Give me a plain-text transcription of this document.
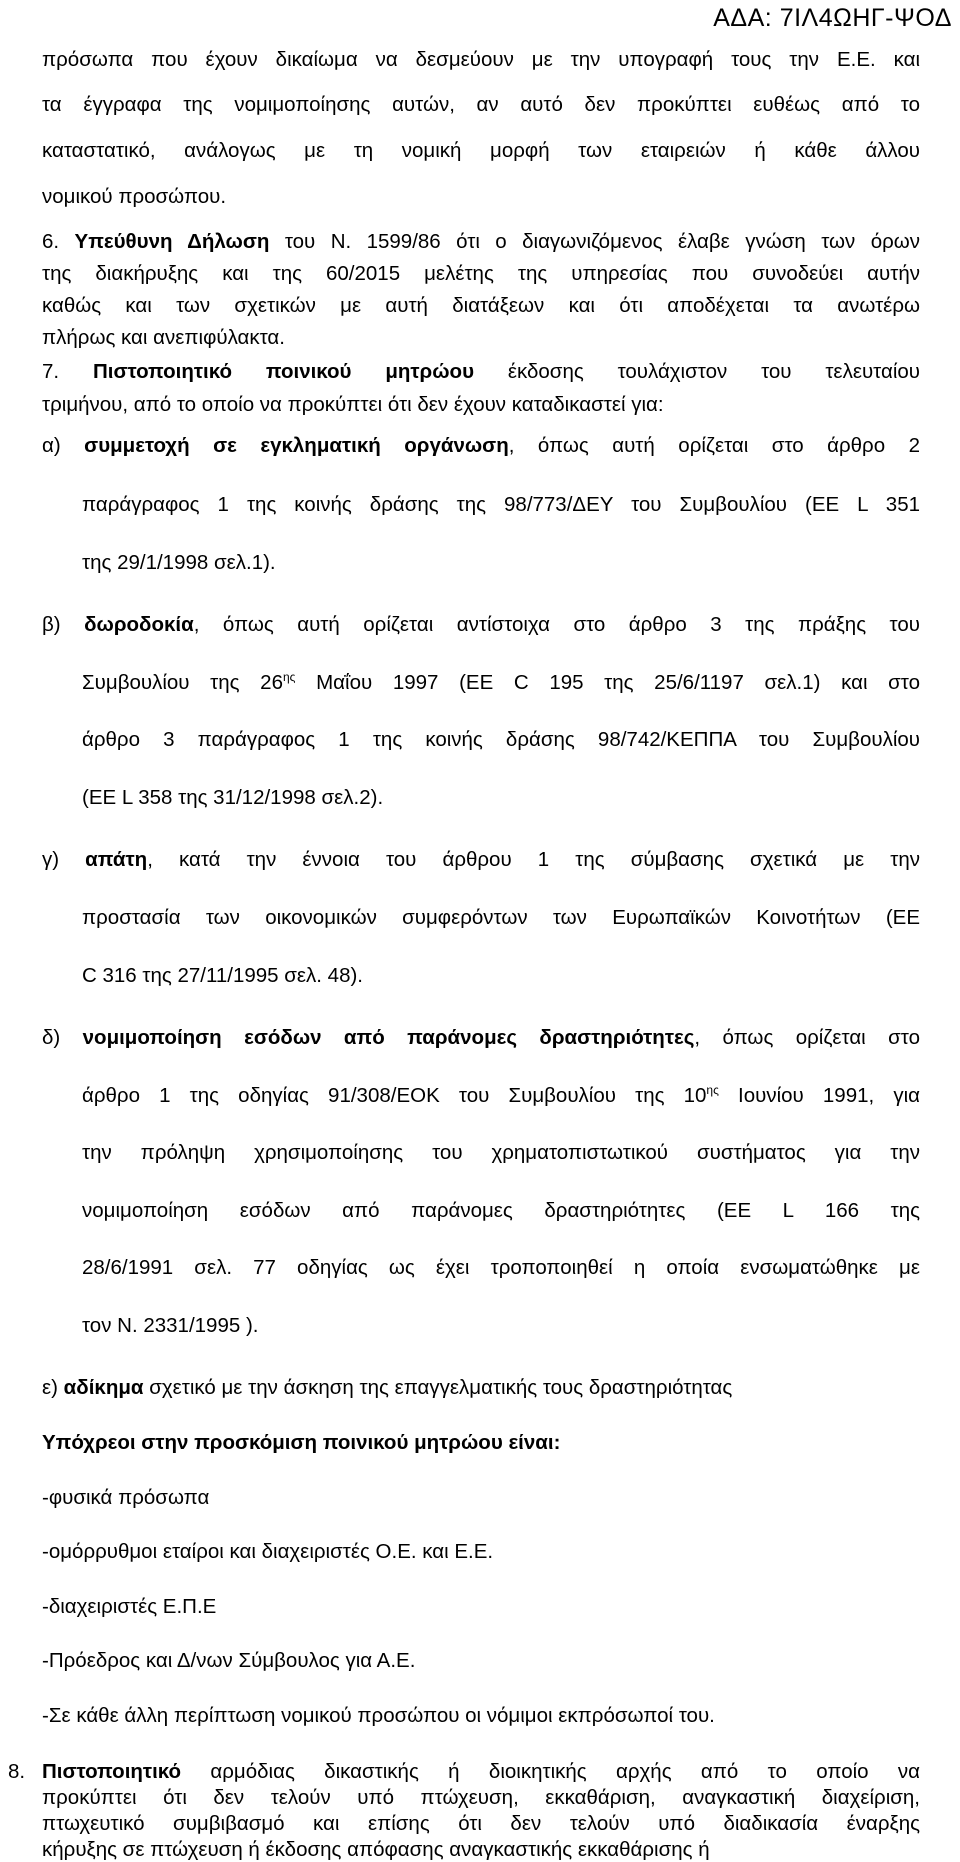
ΑΔΑ: 7ΙΛ4ΩΗΓ-ΨΟΔ
πρόσωπα που έχουν δικαίωμα να δεσμεύουν με την υπογραφή τους την Ε.Ε. και
τα έγγραφα της νομιμοποίησης αυτών, αν αυτό δεν προκύπτει ευθέως από το
καταστατικό, ανάλογως με τη νομική μορφή των εταιρειών ή κάθε άλλου
νομικού προσώπου.
6. Υπεύθυνη Δήλωση του Ν. 1599/86 ότι ο διαγωνιζόμενος έλαβε γνώση των όρων
της διακήρυξης και της 60/2015 μελέτης της υπηρεσίας που συνοδεύει αυτήν
καθώς και των σχετικών με αυτή διατάξεων και ότι αποδέχεται τα ανωτέρω
πλήρως και ανεπιφύλακτα.
7. Πιστοποιητικό ποινικού μητρώου έκδοσης τουλάχιστον του τελευταίου
τριμήνου, από το οποίο να προκύπτει ότι δεν έχουν καταδικαστεί για:
α) συμμετοχή σε εγκληματική οργάνωση, όπως αυτή ορίζεται στο άρθρο 2
παράγραφος 1 της κοινής δράσης της 98/773/ΔΕΥ του Συμβουλίου (ΕΕ L 351
της 29/1/1998 σελ.1).
β) δωροδοκία, όπως αυτή ορίζεται αντίστοιχα στο άρθρο 3 της πράξης του
Συμβουλίου της $26^{\eta\varsigma}$ Μαΐου 1997 (ΕΕ C 195 της 25/6/1197 σελ.1) και στο
άρθρο 3 παράγραφος 1 της κοινής δράσης 98/742/ΚΕΠΠΑ του Συμβουλίου
(ΕΕ L 358 της 31/12/1998 σελ.2).
γ) απάτη, κατά την έννοια του άρθρου 1 της σύμβασης σχετικά με την
προστασία των οικονομικών συμφερόντων των Ευρωπαϊκών Κοινοτήτων (ΕΕ
C 316 της 27/11/1995 σελ. 48).
δ) νομιμοποίηση εσόδων από παράνομες δραστηριότητες, όπως ορίζεται στο
άρθρο 1 της οδηγίας 91/308/ΕΟΚ του Συμβουλίου της $10^{\eta\varsigma}$ Ιουνίου 1991, για
την πρόληψη χρησιμοποίησης του χρηματοπιστωτικού συστήματος για την
νομιμοποίηση εσόδων από παράνομες δραστηριότητες (ΕΕ L 166 της
28/6/1991 σελ. 77 οδηγίας ως έχει τροποποιηθεί η οποία ενσωματώθηκε με
τον Ν. 2331/1995 ).
ε) αδίκημα σχετικό με την άσκηση της επαγγελματικής τους δραστηριότητας
Υπόχρεοι στην προσκόμιση ποινικού μητρώου είναι:
-φυσικά πρόσωπα
-ομόρρυθμοι εταίροι και διαχειριστές Ο.Ε. και Ε.Ε.
-διαχειριστές Ε.Π.Ε
-Πρόεδρος και Δ/νων Σύμβουλος για Α.Ε.
-Σε κάθε άλλη περίπτωση νομικού προσώπου οι νόμιμοι εκπρόσωποί του.
8. Πιστοποιητικό αρμόδιας δικαστικής ή διοικητικής αρχής από το οποίο να
προκύπτει ότι δεν τελούν υπό πτώχευση, εκκαθάριση, αναγκαστική διαχείριση,
πτωχευτικό συμβιβασμό και επίσης ότι δεν τελούν υπό διαδικασία έναρξης
κήρυξης σε πτώχευση ή έκδοσης απόφασης αναγκαστικής εκκαθάρισης ή
